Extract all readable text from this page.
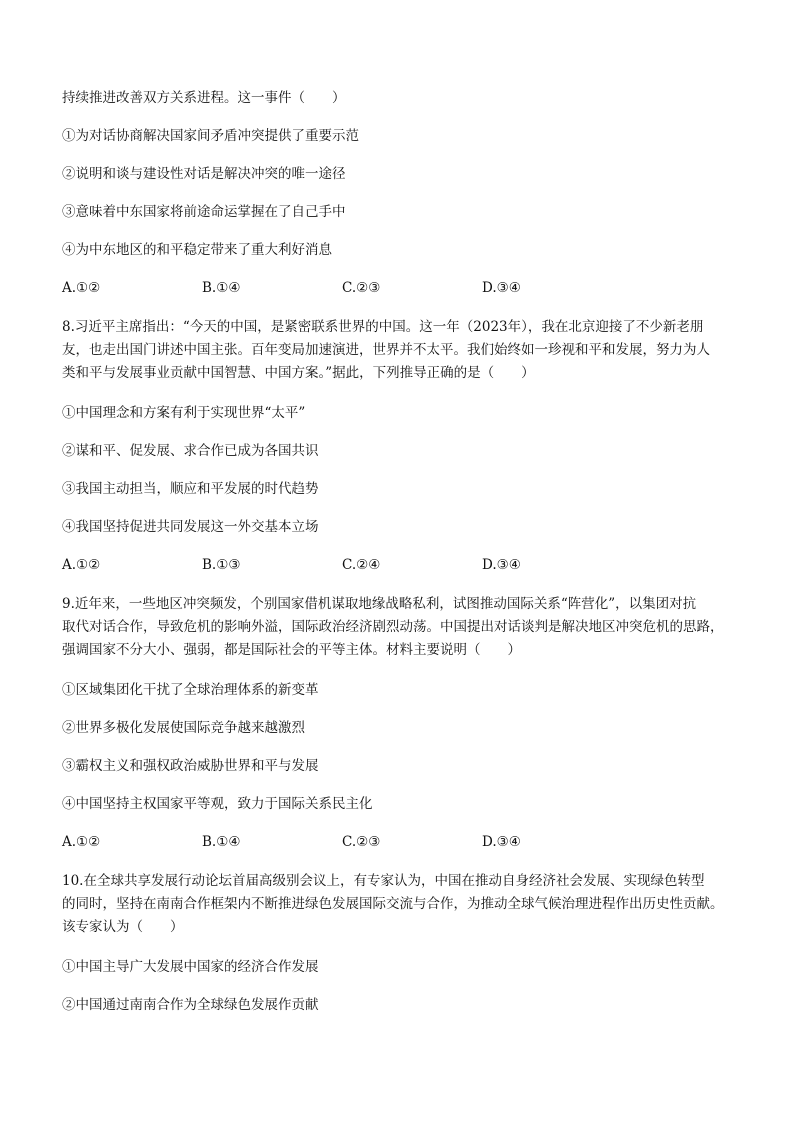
持续推进改善双方关系进程。这一事件（　　）
①为对话协商解决国家间矛盾冲突提供了重要示范
②说明和谈与建设性对话是解决冲突的唯一途径
③意味着中东国家将前途命运掌握在了自己手中
④为中东地区的和平稳定带来了重大利好消息
A.①②	B.①④	C.②③	D.③④
8.习近平主席指出：“今天的中国，是紧密联系世界的中国。这一年（2023年），我在北京迎接了不少新老朋
友，也走出国门讲述中国主张。百年变局加速演进，世界并不太平。我们始终如一珍视和平和发展，努力为人
类和平与发展事业贡献中国智慧、中国方案。”据此，下列推导正确的是（　　）
①中国理念和方案有利于实现世界“太平”
②谋和平、促发展、求合作已成为各国共识
③我国主动担当，顺应和平发展的时代趋势
④我国坚持促进共同发展这一外交基本立场
A.①②	B.①③	C.②④	D.③④
9.近年来，一些地区冲突频发，个别国家借机谋取地缘战略私利，试图推动国际关系“阵营化”，以集团对抗
取代对话合作，导致危机的影响外溢，国际政治经济剧烈动荡。中国提出对话谈判是解决地区冲突危机的思路，
强调国家不分大小、强弱，都是国际社会的平等主体。材料主要说明（　　）
①区域集团化干扰了全球治理体系的新变革
②世界多极化发展使国际竞争越来越激烈
③霸权主义和强权政治威胁世界和平与发展
④中国坚持主权国家平等观，致力于国际关系民主化
A.①②	B.①④	C.②③	D.③④
10.在全球共享发展行动论坛首届高级别会议上，有专家认为，中国在推动自身经济社会发展、实现绿色转型
的同时，坚持在南南合作框架内不断推进绿色发展国际交流与合作，为推动全球气候治理进程作出历史性贡献。
该专家认为（　　）
①中国主导广大发展中国家的经济合作发展
②中国通过南南合作为全球绿色发展作贡献
